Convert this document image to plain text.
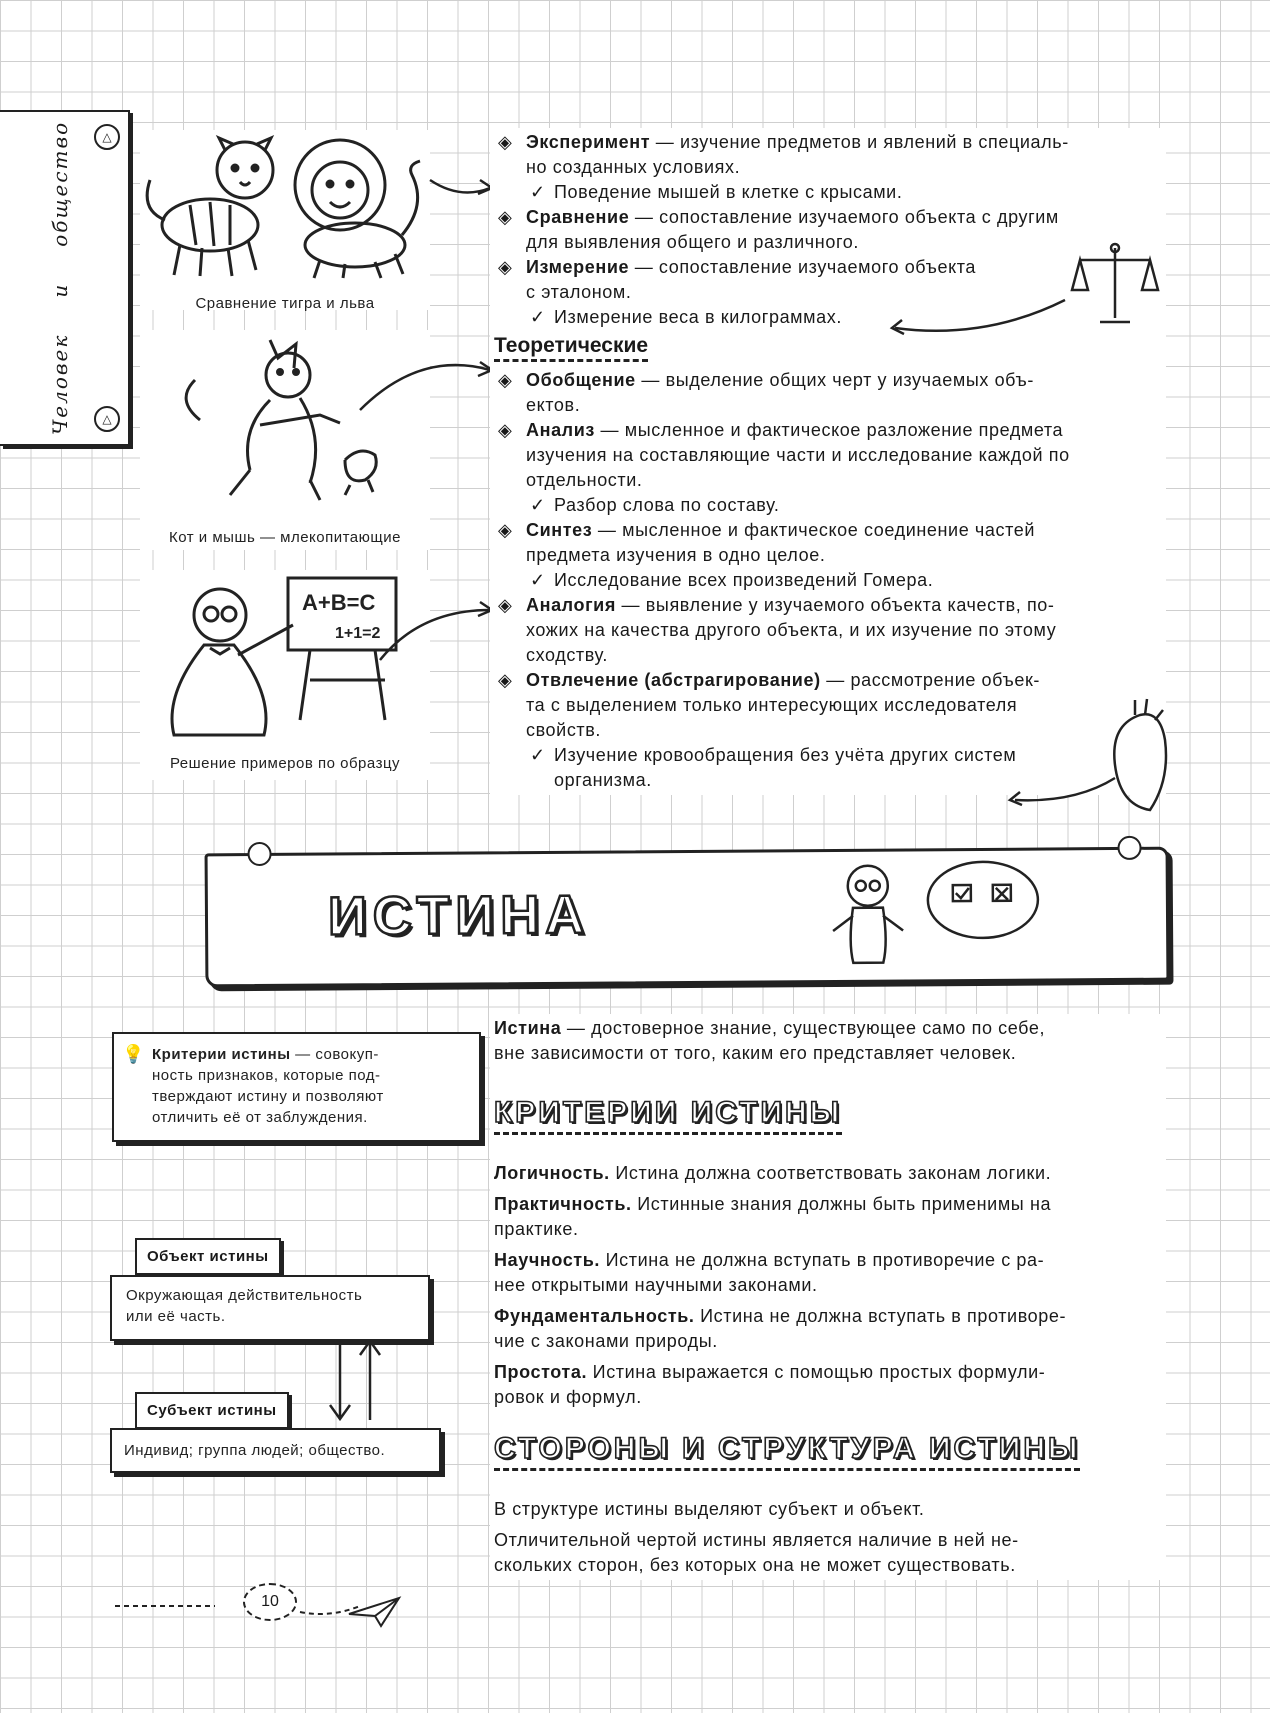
△
Человекиобщество
△
Сравнение тигра и льва
Кот и мышь — млекопитающие
A+B=C
1+1=2
Решение примеров по образцу
◈ Эксперимент — изучение предметов и явлений в специаль-
но созданных условиях.
✓ Поведение мышей в клетке с крысами.
◈ Сравнение — сопоставление изучаемого объекта с другим
для выявления общего и различного.
◈ Измерение — сопоставление изучаемого объекта
с эталоном.
✓ Измерение веса в килограммах.
Теоретические
◈ Обобщение — выделение общих черт у изучаемых объ-
ектов.
◈ Анализ — мысленное и фактическое разложение предмета
изучения на составляющие части и исследование каждой по
отдельности.
✓ Разбор слова по составу.
◈ Синтез — мысленное и фактическое соединение частей
предмета изучения в одно целое.
✓ Исследование всех произведений Гомера.
◈ Аналогия — выявление у изучаемого объекта качеств, по-
хожих на качества другого объекта, и их изучение по этому
сходству.
◈ Отвлечение (абстрагирование) — рассмотрение объек-
та с выделением только интересующих исследователя
свойств.
✓ Изучение кровообращения без учёта других систем
организма.
ИСТИНА
💡 Критерии истины — совокуп-
ность признаков, которые под-
тверждают истину и позволяют
отличить её от заблуждения.
Объект истины
Окружающая действительность
или её часть.
Субъект истины
Индивид; группа людей; общество.
Истина — достоверное знание, существующее само по себе,
вне зависимости от того, каким его представляет человек.
КРИТЕРИИ ИСТИНЫ
Логичность. Истина должна соответствовать законам логики.
Практичность. Истинные знания должны быть применимы на
практике.
Научность. Истина не должна вступать в противоречие с ра-
нее открытыми научными законами.
Фундаментальность. Истина не должна вступать в противоре-
чие с законами природы.
Простота. Истина выражается с помощью простых формули-
ровок и формул.
СТОРОНЫ И СТРУКТУРА ИСТИНЫ
В структуре истины выделяют субъект и объект.
Отличительной чертой истины является наличие в ней не-
скольких сторон, без которых она не может существовать.
10
